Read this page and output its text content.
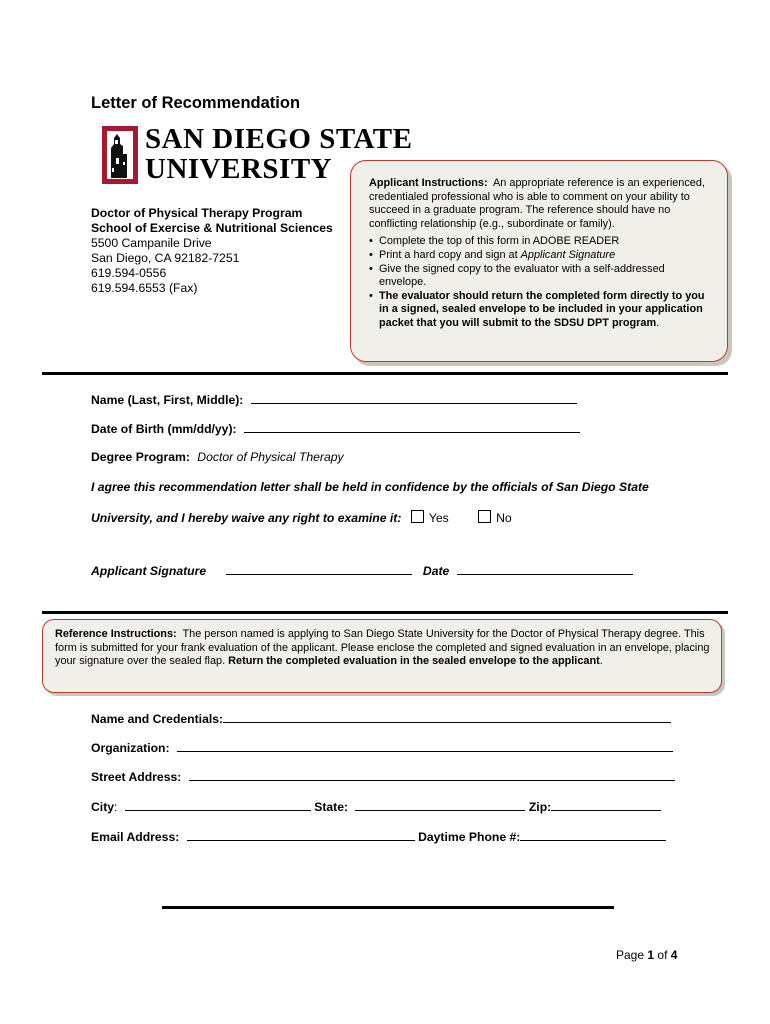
Letter of Recommendation
SAN DIEGO STATE
UNIVERSITY
Doctor of Physical Therapy Program
School of Exercise & Nutritional Sciences
5500 Campanile Drive
San Diego, CA 92182-7251
619.594-0556
619.594.6553 (Fax)
Applicant Instructions: An appropriate reference is an experienced, credentialed professional who is able to comment on your ability to succeed in a graduate program. The reference should have no conflicting relationship (e.g., subordinate or family).
• Complete the top of this form in ADOBE READER
• Print a hard copy and sign at Applicant Signature
• Give the signed copy to the evaluator with a self-addressed envelope.
• The evaluator should return the completed form directly to you in a signed, sealed envelope to be included in your application packet that you will submit to the SDSU DPT program.
Name (Last, First, Middle):
Date of Birth (mm/dd/yy):
Degree Program: Doctor of Physical Therapy
I agree this recommendation letter shall be held in confidence by the officials of San Diego State
University, and I hereby waive any right to examine it: Yes	No
Applicant Signature	Date
Reference Instructions: The person named is applying to San Diego State University for the Doctor of Physical Therapy degree. This form is submitted for your frank evaluation of the applicant. Please enclose the completed and signed evaluation in an envelope, placing your signature over the sealed flap. Return the completed evaluation in the sealed envelope to the applicant.
Name and Credentials:
Organization:
Street Address:
City:	State:	Zip:
Email Address:	Daytime Phone #:
Page 1 of 4
